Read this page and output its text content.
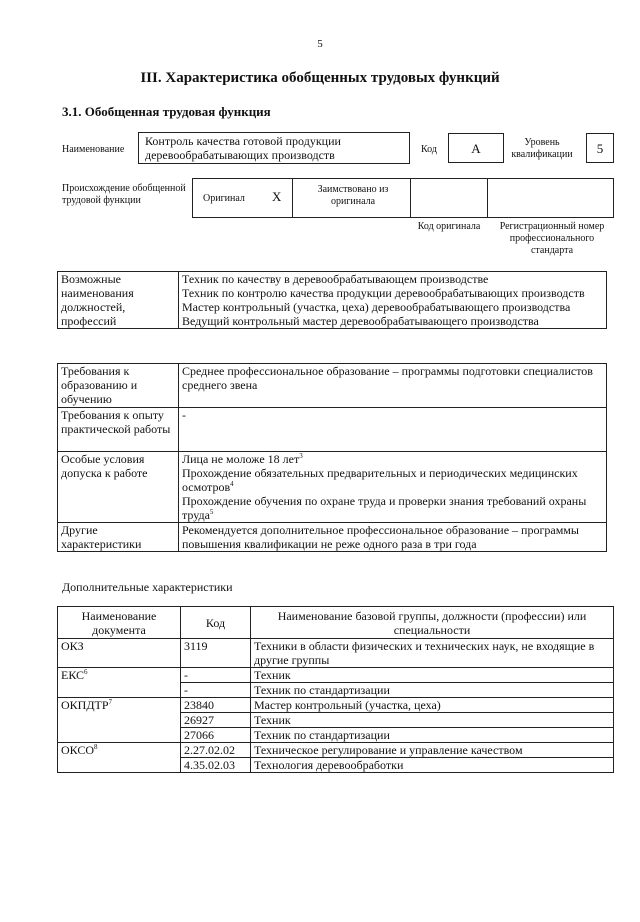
5
III. Характеристика обобщенных трудовых функций
3.1. Обобщенная трудовая функция
Наименование
Контроль качества готовой продукции деревообрабатывающих производств	Код	А	Уровень квалификации	5
Происхождение обобщенной трудовой функции	Оригинал Х	Заимствовано из оригинала
Код оригинала	Регистрационный номер профессионального стандарта
Возможные наименования должностей, профессий	
Техник по качеству в деревообрабатывающем производстве
Техник по контролю качества продукции деревообрабатывающих производств
Мастер контрольный (участка, цеха) деревообрабатывающего производства
Ведущий контрольный мастер деревообрабатывающего производства
Требования к образованию и обучению	Среднее профессиональное образование – программы подготовки специалистов среднего звена
Требования к опыту практической работы	-
Особые условия допуска к работе	Лица не моложе 18 лет$^3$
Прохождение обязательных предварительных и периодических медицинских осмотров$^4$
Прохождение обучения по охране труда и проверки знания требований охраны труда$^5$

Другие характеристики	Рекомендуется дополнительное профессиональное образование – программы повышения квалификации не реже одного раза в три года
Дополнительные характеристики
Наименование документа	Код	Наименование базовой группы, должности (профессии) или специальности
ОКЗ	3119	Техники в области физических и технических наук, не входящие в другие группы
ЕКС$^6$	-	Техник
	-	Техник по стандартизации
ОКПДТР$^7$	23840	Мастер контрольный (участка, цеха)
	26927	Техник
	27066	Техник по стандартизации
ОКСО$^8$	2.27.02.02	Техническое регулирование и управление качеством
	4.35.02.03	Технология деревообработки
